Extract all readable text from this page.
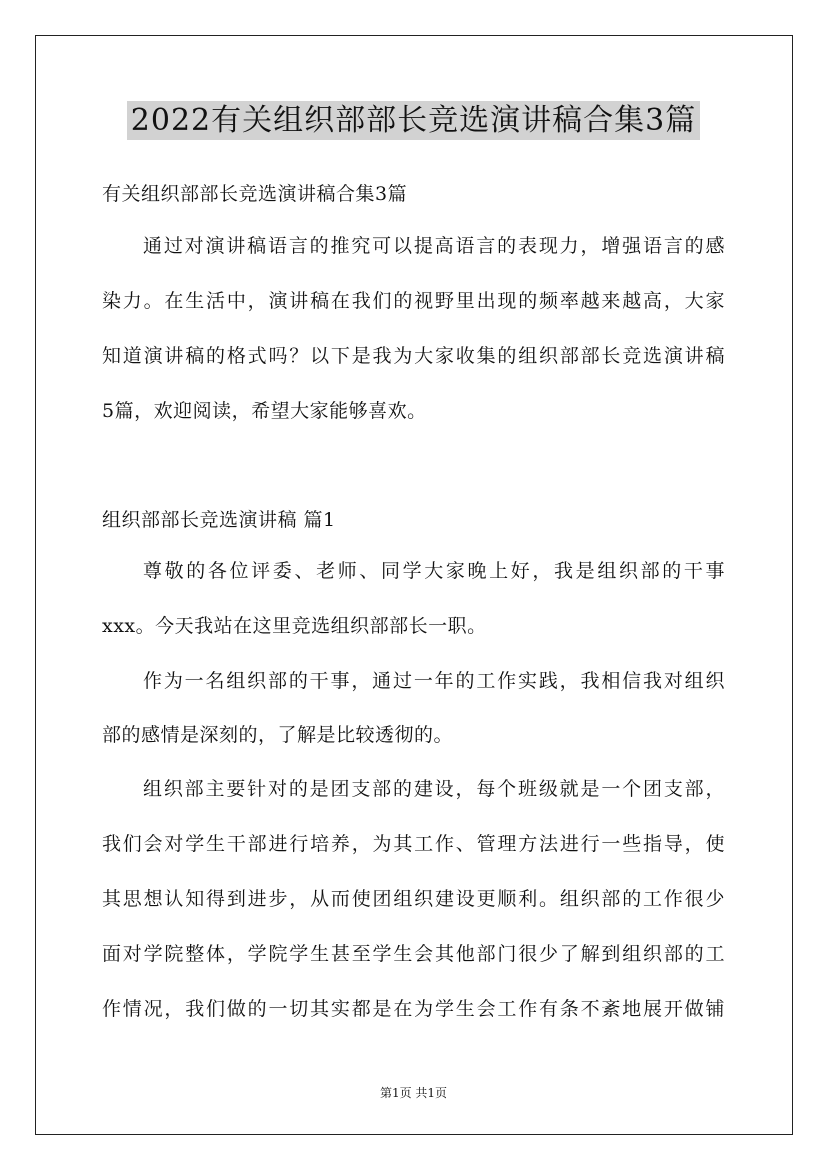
2022有关组织部部长竞选演讲稿合集3篇
有关组织部部长竞选演讲稿合集3篇
通过对演讲稿语言的推究可以提高语言的表现力，增强语言的感
染力。在生活中，演讲稿在我们的视野里出现的频率越来越高，大家
知道演讲稿的格式吗？以下是我为大家收集的组织部部长竞选演讲稿
5篇，欢迎阅读，希望大家能够喜欢。
组织部部长竞选演讲稿 篇1
尊敬的各位评委、老师、同学大家晚上好，我是组织部的干事
xxx。今天我站在这里竞选组织部部长一职。
作为一名组织部的干事，通过一年的工作实践，我相信我对组织
部的感情是深刻的，了解是比较透彻的。
组织部主要针对的是团支部的建设，每个班级就是一个团支部，
我们会对学生干部进行培养，为其工作、管理方法进行一些指导，使
其思想认知得到进步，从而使团组织建设更顺利。组织部的工作很少
面对学院整体，学院学生甚至学生会其他部门很少了解到组织部的工
作情况，我们做的一切其实都是在为学生会工作有条不紊地展开做铺
第1页 共1页
